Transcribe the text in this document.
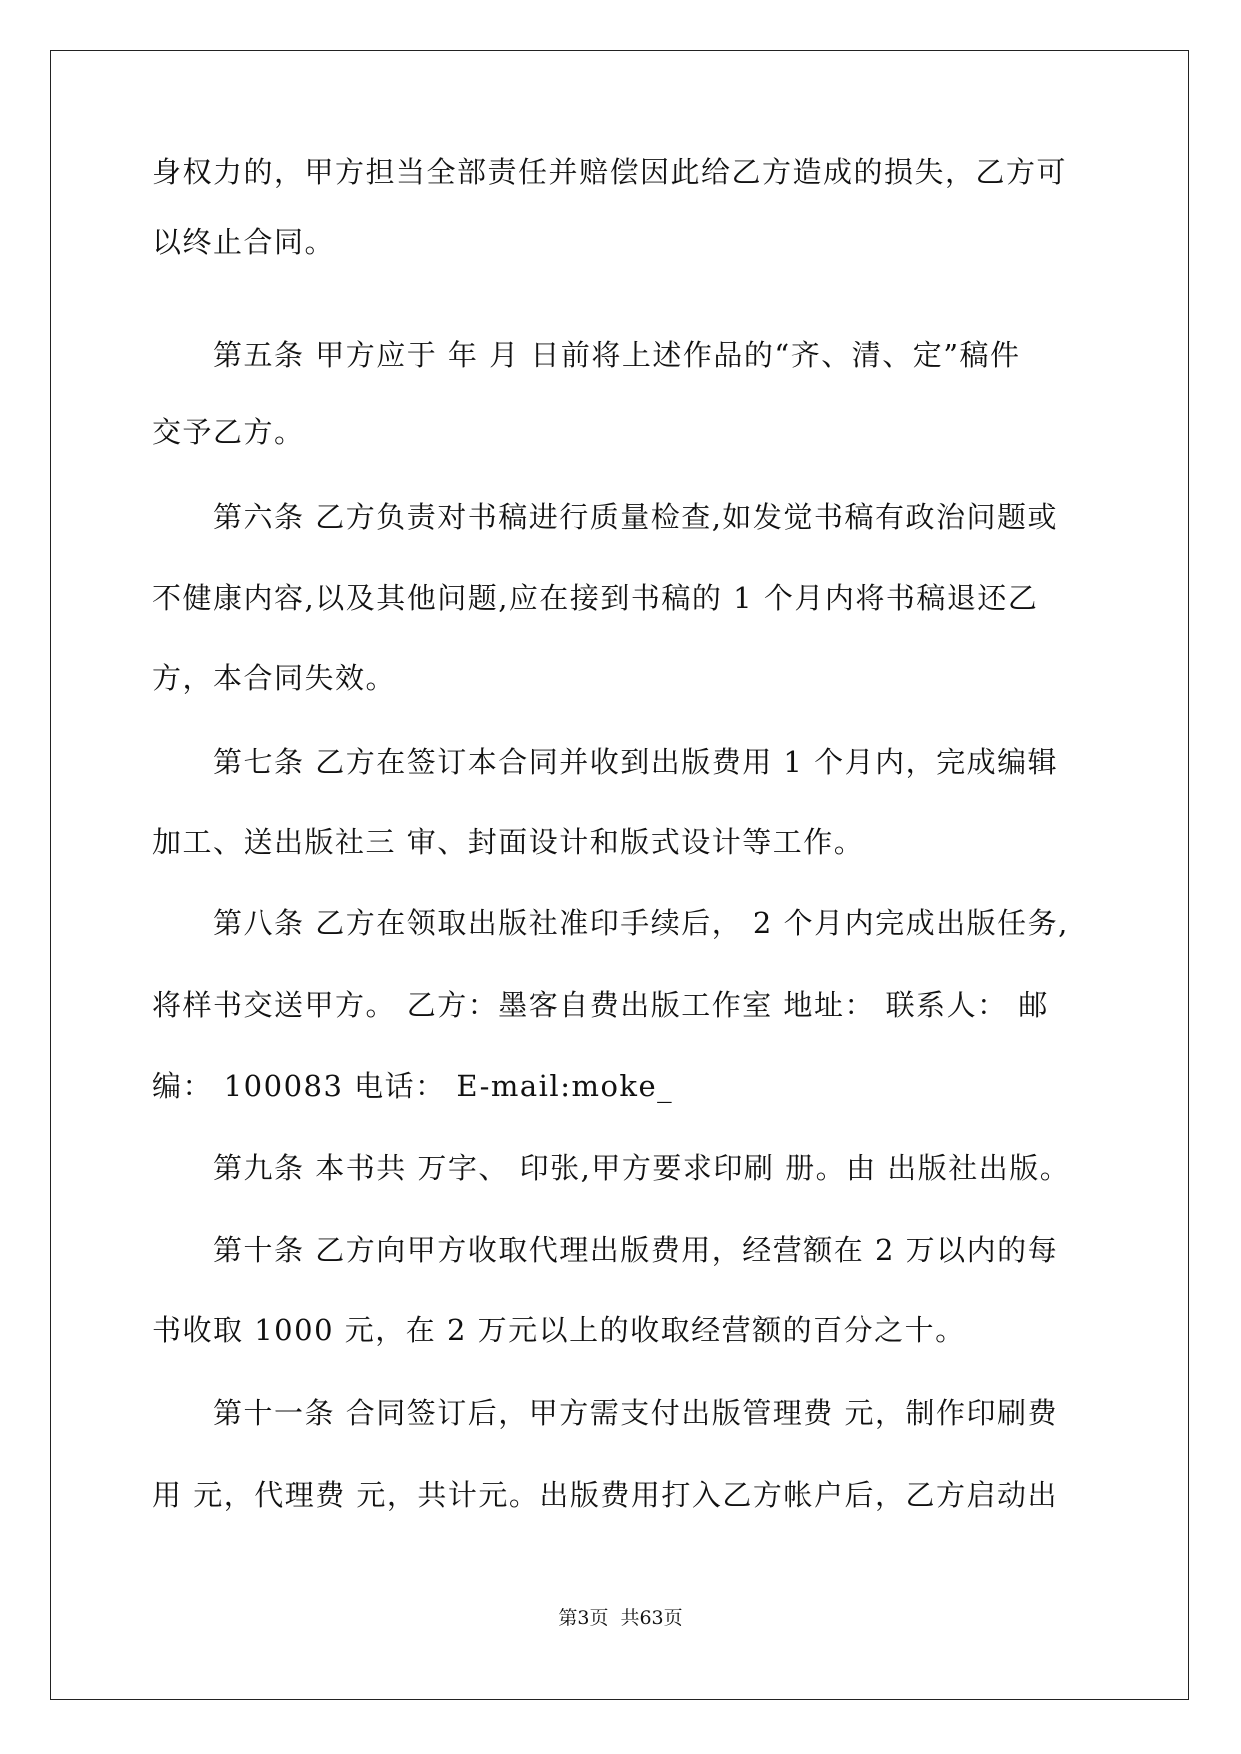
身权力的，甲方担当全部责任并赔偿因此给乙方造成的损失，乙方可
以终止合同。
　　第五条 甲方应于 年 月 日前将上述作品的“齐、清、定”稿件
交予乙方。
　　第六条 乙方负责对书稿进行质量检查,如发觉书稿有政治问题或
不健康内容,以及其他问题,应在接到书稿的 1 个月内将书稿退还乙
方，本合同失效。
　　第七条 乙方在签订本合同并收到出版费用 1 个月内，完成编辑
加工、送出版社三 审、封面设计和版式设计等工作。
　　第八条 乙方在领取出版社准印手续后， 2 个月内完成出版任务,
将样书交送甲方。 乙方：墨客自费出版工作室 地址： 联系人： 邮
编： 100083 电话： E-mail:moke_
　　第九条 本书共 万字、 印张,甲方要求印刷 册。由 出版社出版。
　　第十条 乙方向甲方收取代理出版费用，经营额在 2 万以内的每
书收取 1000 元，在 2 万元以上的收取经营额的百分之十。
　　第十一条 合同签订后，甲方需支付出版管理费 元，制作印刷费
用 元，代理费 元，共计元。出版费用打入乙方帐户后，乙方启动出
第3页 共63页
